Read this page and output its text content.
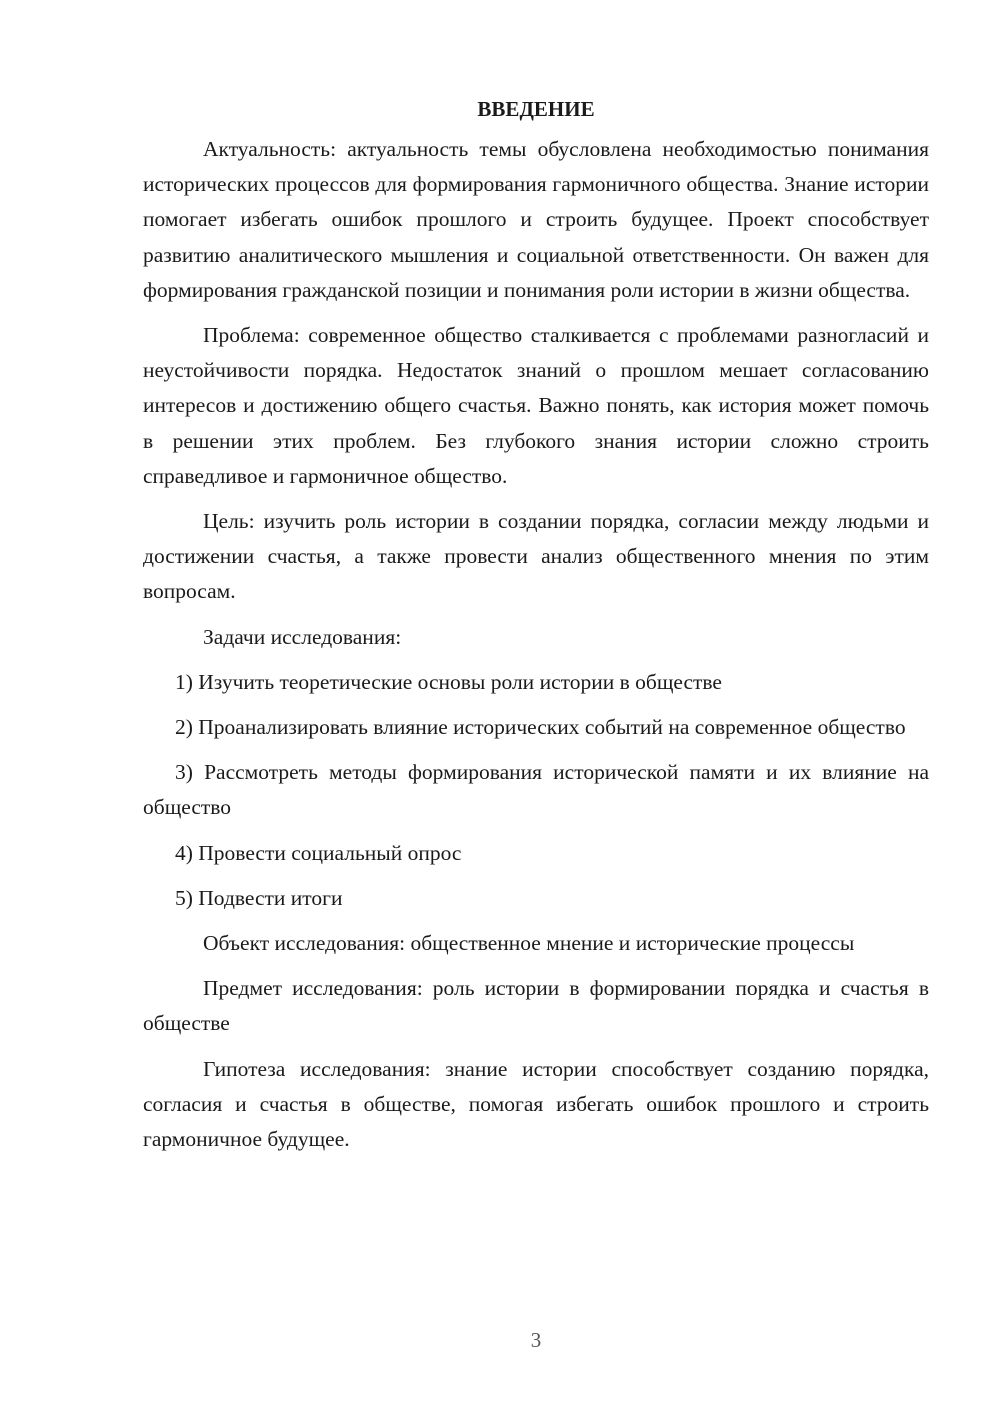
ВВЕДЕНИЕ

Актуальность: актуальность темы обусловлена необходимостью понимания исторических процессов для формирования гармоничного общества. Знание истории помогает избегать ошибок прошлого и строить будущее. Проект способствует развитию аналитического мышления и социальной ответственности. Он важен для формирования гражданской позиции и понимания роли истории в жизни общества.

Проблема: современное общество сталкивается с проблемами разногласий и неустойчивости порядка. Недостаток знаний о прошлом мешает согласованию интересов и достижению общего счастья. Важно понять, как история может помочь в решении этих проблем. Без глубокого знания истории сложно строить справедливое и гармоничное общество.

Цель: изучить роль истории в создании порядка, согласии между людьми и достижении счастья, а также провести анализ общественного мнения по этим вопросам.

Задачи исследования:

1) Изучить теоретические основы роли истории в обществе

2) Проанализировать влияние исторических событий на современное общество

3) Рассмотреть методы формирования исторической памяти и их влияние на общество

4) Провести социальный опрос

5) Подвести итоги

Объект исследования: общественное мнение и исторические процессы

Предмет исследования: роль истории в формировании порядка и счастья в обществе

Гипотеза исследования: знание истории способствует созданию порядка, согласия и счастья в обществе, помогая избегать ошибок прошлого и строить гармоничное будущее.

3
